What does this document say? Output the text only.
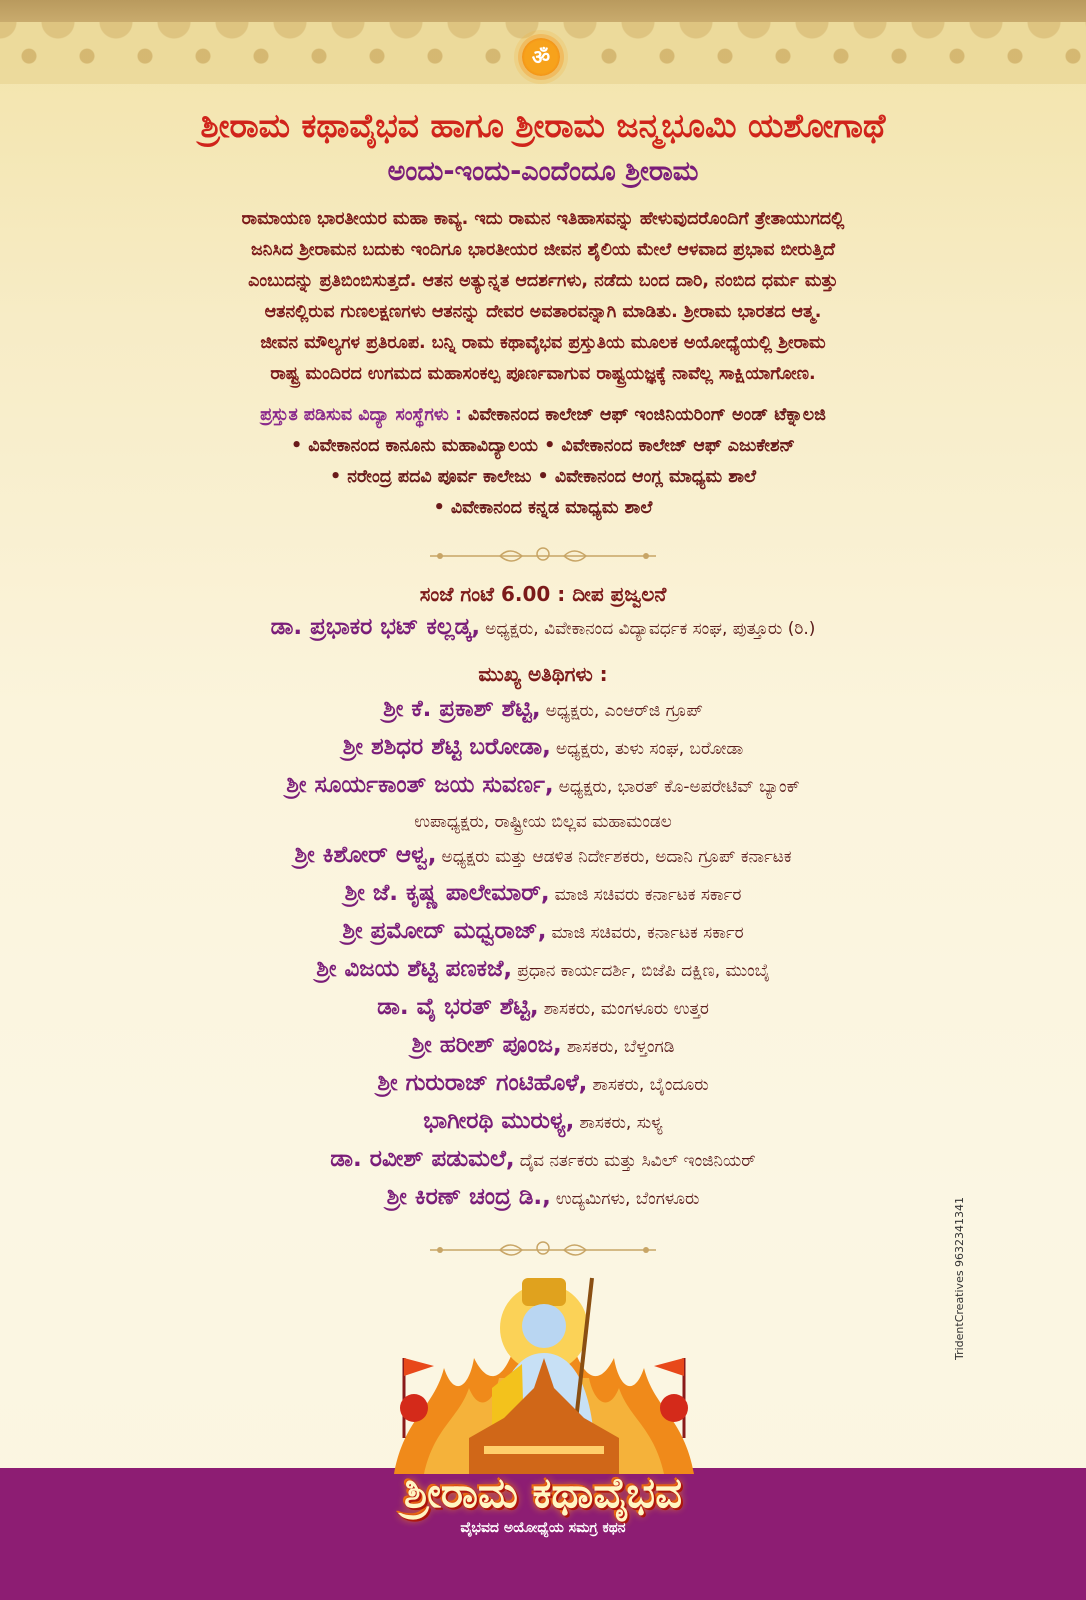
ॐ
ಶ್ರೀರಾಮ ಕಥಾವೈಭವ ಹಾಗೂ ಶ್ರೀರಾಮ ಜನ್ಮಭೂಮಿ ಯಶೋಗಾಥೆ
ಅಂದು-ಇಂದು-ಎಂದೆಂದೂ ಶ್ರೀರಾಮ
ರಾಮಾಯಣ ಭಾರತೀಯರ ಮಹಾ ಕಾವ್ಯ. ಇದು ರಾಮನ ಇತಿಹಾಸವನ್ನು ಹೇಳುವುದರೊಂದಿಗೆ ತ್ರೇತಾಯುಗದಲ್ಲಿ
ಜನಿಸಿದ ಶ್ರೀರಾಮನ ಬದುಕು ಇಂದಿಗೂ ಭಾರತೀಯರ ಜೀವನ ಶೈಲಿಯ ಮೇಲೆ ಆಳವಾದ ಪ್ರಭಾವ ಬೀರುತ್ತಿದೆ
ಎಂಬುದನ್ನು ಪ್ರತಿಬಿಂಬಿಸುತ್ತದೆ. ಆತನ ಅತ್ಯುನ್ನತ ಆದರ್ಶಗಳು, ನಡೆದು ಬಂದ ದಾರಿ, ನಂಬಿದ ಧರ್ಮ ಮತ್ತು
ಆತನಲ್ಲಿರುವ ಗುಣಲಕ್ಷಣಗಳು ಆತನನ್ನು ದೇವರ ಅವತಾರವನ್ನಾಗಿ ಮಾಡಿತು. ಶ್ರೀರಾಮ ಭಾರತದ ಆತ್ಮ.
ಜೀವನ ಮೌಲ್ಯಗಳ ಪ್ರತಿರೂಪ. ಬನ್ನಿ ರಾಮ ಕಥಾವೈಭವ ಪ್ರಸ್ತುತಿಯ ಮೂಲಕ ಅಯೋಧ್ಯೆಯಲ್ಲಿ ಶ್ರೀರಾಮ
ರಾಷ್ಟ್ರ ಮಂದಿರದ ಉಗಮದ ಮಹಾಸಂಕಲ್ಪ ಪೂರ್ಣವಾಗುವ ರಾಷ್ಟ್ರಯಜ್ಞಕ್ಕೆ ನಾವೆಲ್ಲ ಸಾಕ್ಷಿಯಾಗೋಣ.
ಪ್ರಸ್ತುತ ಪಡಿಸುವ ವಿದ್ಯಾ ಸಂಸ್ಥೆಗಳು : ವಿವೇಕಾನಂದ ಕಾಲೇಜ್ ಆಫ್ ಇಂಜಿನಿಯರಿಂಗ್ ಅಂಡ್ ಟೆಕ್ನಾಲಜಿ
• ವಿವೇಕಾನಂದ ಕಾನೂನು ಮಹಾವಿದ್ಯಾಲಯ • ವಿವೇಕಾನಂದ ಕಾಲೇಜ್ ಆಫ್ ಎಜುಕೇಶನ್
• ನರೇಂದ್ರ ಪದವಿ ಪೂರ್ವ ಕಾಲೇಜು • ವಿವೇಕಾನಂದ ಆಂಗ್ಲ ಮಾಧ್ಯಮ ಶಾಲೆ
• ವಿವೇಕಾನಂದ ಕನ್ನಡ ಮಾಧ್ಯಮ ಶಾಲೆ
ಸಂಜೆ ಗಂಟೆ 6.00 : ದೀಪ ಪ್ರಜ್ವಲನೆ
ಡಾ. ಪ್ರಭಾಕರ ಭಟ್ ಕಲ್ಲಡ್ಕ, ಅಧ್ಯಕ್ಷರು, ವಿವೇಕಾನಂದ ವಿದ್ಯಾವರ್ಧಕ ಸಂಘ, ಪುತ್ತೂರು (ರಿ.)
ಮುಖ್ಯ ಅತಿಥಿಗಳು :
ಶ್ರೀ ಕೆ. ಪ್ರಕಾಶ್ ಶೆಟ್ಟಿ, ಅಧ್ಯಕ್ಷರು, ಎಂಆರ್‌ಜಿ ಗ್ರೂಪ್
ಶ್ರೀ ಶಶಿಧರ ಶೆಟ್ಟಿ ಬರೋಡಾ, ಅಧ್ಯಕ್ಷರು, ತುಳು ಸಂಘ, ಬರೋಡಾ
ಶ್ರೀ ಸೂರ್ಯಕಾಂತ್ ಜಯ ಸುವರ್ಣ, ಅಧ್ಯಕ್ಷರು, ಭಾರತ್ ಕೊ-ಅಪರೇಟಿವ್ ಬ್ಯಾಂಕ್
ಉಪಾಧ್ಯಕ್ಷರು, ರಾಷ್ಟ್ರೀಯ ಬಿಲ್ಲವ ಮಹಾಮಂಡಲ
ಶ್ರೀ ಕಿಶೋರ್ ಆಳ್ವ, ಅಧ್ಯಕ್ಷರು ಮತ್ತು ಆಡಳಿತ ನಿರ್ದೇಶಕರು, ಅದಾನಿ ಗ್ರೂಪ್ ಕರ್ನಾಟಕ
ಶ್ರೀ ಜೆ. ಕೃಷ್ಣ ಪಾಲೇಮಾರ್, ಮಾಜಿ ಸಚಿವರು ಕರ್ನಾಟಕ ಸರ್ಕಾರ
ಶ್ರೀ ಪ್ರಮೋದ್ ಮಧ್ವರಾಜ್, ಮಾಜಿ ಸಚಿವರು, ಕರ್ನಾಟಕ ಸರ್ಕಾರ
ಶ್ರೀ ವಿಜಯ ಶೆಟ್ಟಿ ಪಣಕಜೆ, ಪ್ರಧಾನ ಕಾರ್ಯದರ್ಶಿ, ಬಿಜೆಪಿ ದಕ್ಷಿಣ, ಮುಂಬೈ
ಡಾ. ವೈ ಭರತ್ ಶೆಟ್ಟಿ, ಶಾಸಕರು, ಮಂಗಳೂರು ಉತ್ತರ
ಶ್ರೀ ಹರೀಶ್ ಪೂಂಜ, ಶಾಸಕರು, ಬೆಳ್ತಂಗಡಿ
ಶ್ರೀ ಗುರುರಾಜ್ ಗಂಟಿಹೊಳೆ, ಶಾಸಕರು, ಬೈಂದೂರು
ಭಾಗೀರಥಿ ಮುರುಳ್ಯ, ಶಾಸಕರು, ಸುಳ್ಯ
ಡಾ. ರವೀಶ್ ಪಡುಮಲೆ, ದೈವ ನರ್ತಕರು ಮತ್ತು ಸಿವಿಲ್ ಇಂಜಿನಿಯರ್
ಶ್ರೀ ಕಿರಣ್ ಚಂದ್ರ ಡಿ., ಉದ್ಯಮಿಗಳು, ಬೆಂಗಳೂರು
ಶ್ರೀರಾಮ ಕಥಾವೈಭವ
ವೈಭವದ ಅಯೋಧ್ಯೆಯ ಸಮಗ್ರ ಕಥನ
TridentCreatives 9632341341
